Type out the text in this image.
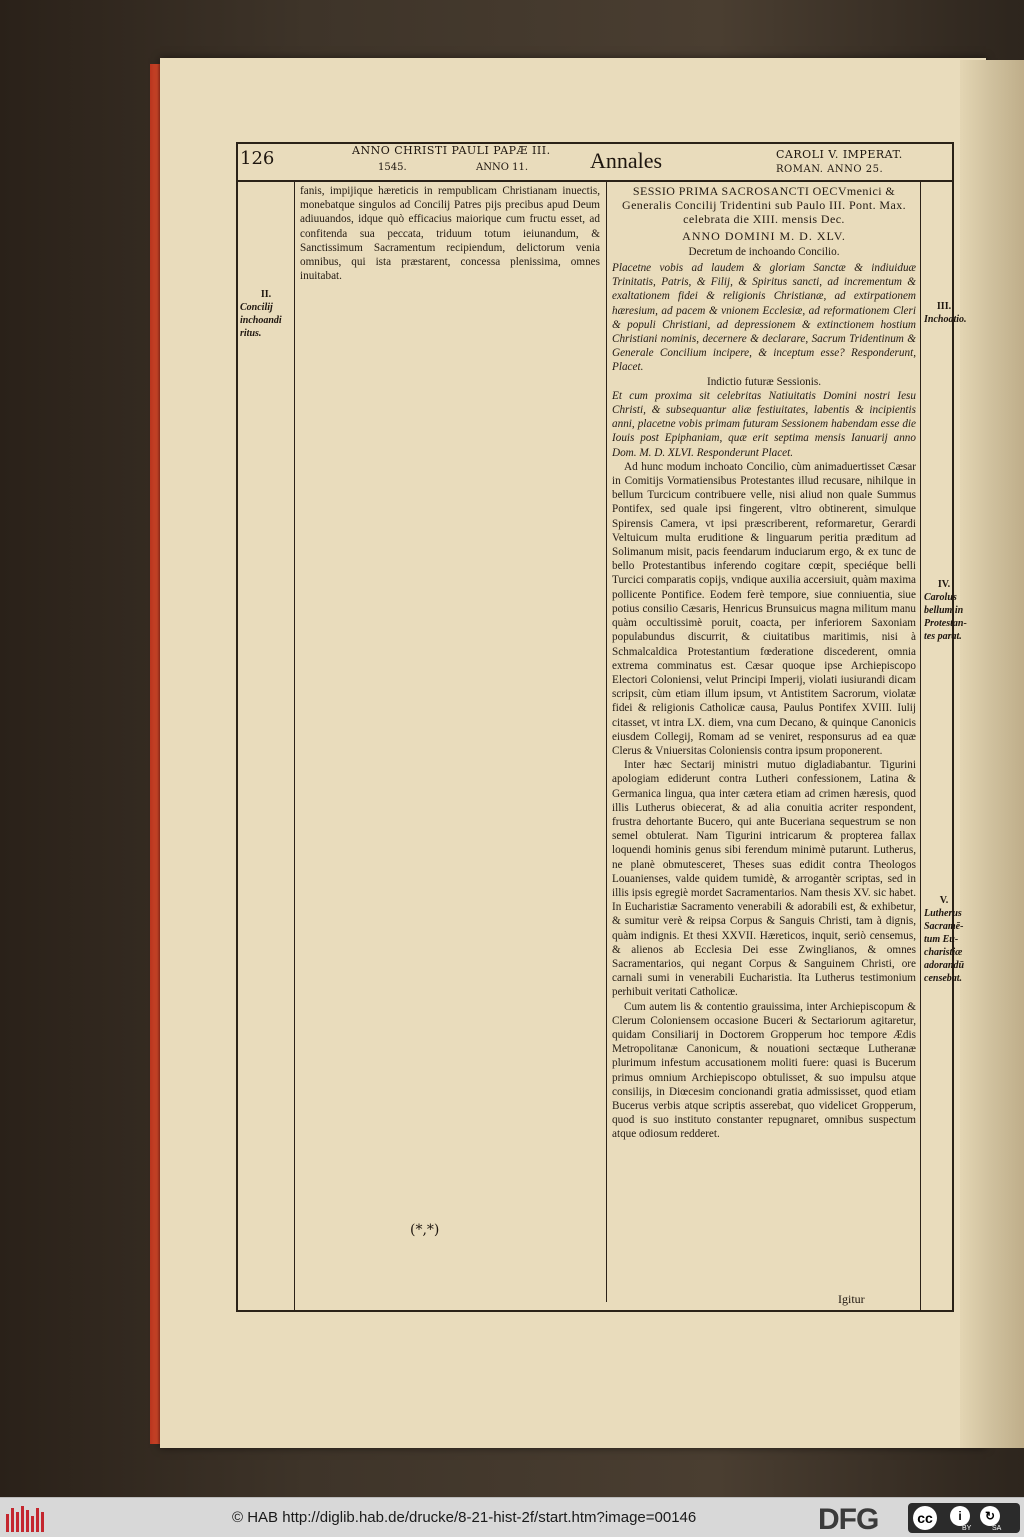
126	ANNO CHRISTI PAULI PAPÆ III.
1545.	ANNO 11.	Annales	CAROLI V. IMPERAT.
ROMAN. ANNO 25.

fanis, impijique hæreticis in rempublicam Christianam inuectis, monebatque singulos ad Concilij Patres pijs precibus apud Deum adiuuandos, idque quò efficacius maiorique cum fructu esset, ad confitenda sua peccata, triduum totum ieiunandum, & Sanctissimum Sacramentum recipiendum, delictorum venia omnibus, qui ista præstarent, concessa plenissima, omnes inuitabat.

(*,*)

SESSIO PRIMA SACROSANCTI OECVmenici & Generalis Concilij Tridentini sub Paulo III. Pont. Max. celebrata die XIII. mensis Dec.

ANNO DOMINI M. D. XLV.

Decretum de inchoando Concilio.

Placetne vobis ad laudem & gloriam Sanctæ & indiuiduæ Trinitatis, Patris, & Filij, & Spiritus sancti, ad incrementum & exaltationem fidei & religionis Christianæ, ad extirpationem hæresium, ad pacem & vnionem Ecclesiæ, ad reformationem Cleri & populi Christiani, ad depressionem & extinctionem hostium Christiani nominis, decernere & declarare, Sacrum Tridentinum & Generale Concilium incipere, & inceptum esse? Responderunt, Placet.

Indictio futuræ Sessionis.

Et cum proxima sit celebritas Natiuitatis Domini nostri Iesu Christi, & subsequantur aliæ festiuitates, labentis & incipientis anni, placetne vobis primam futuram Sessionem habendam esse die Iouis post Epiphaniam, quæ erit septima mensis Ianuarij anno Dom. M. D. XLVI. Responderunt Placet.

Ad hunc modum inchoato Concilio, cùm animaduertisset Cæsar in Comitijs Vormatiensibus Protestantes illud recusare, nihilque in bellum Turcicum contribuere velle, nisi aliud non quale Summus Pontifex, sed quale ipsi fingerent, vltro obtinerent, simulque Spirensis Camera, vt ipsi præscriberent, reformaretur, Gerardi Veltuicum multa eruditione & linguarum peritia præditum ad Solimanum misit, pacis feendarum induciarum ergo, & ex tunc de bello Protestantibus inferendo cogitare cœpit, speciéque belli Turcici comparatis copijs, vndique auxilia accersiuit, quàm maxima pollicente Pontifice. Eodem ferè tempore, siue conniuentia, siue potius consilio Cæsaris, Henricus Brunsuicus magna militum manu quàm occultissimè poruit, coacta, per inferiorem Saxoniam populabundus discurrit, & ciuitatibus maritimis, nisi à Schmalcaldica Protestantium fœderatione discederent, omnia extrema comminatus est. Cæsar quoque ipse Archiepiscopo Electori Coloniensi, velut Principi Imperij, violati iusiurandi dicam scripsit, cùm etiam illum ipsum, vt Antistitem Sacrorum, violatæ fidei & religionis Catholicæ causa, Paulus Pontifex XVIII. Iulij citasset, vt intra LX. diem, vna cum Decano, & quinque Canonicis eiusdem Collegij, Romam ad se veniret, responsurus ad ea quæ Clerus & Vniuersitas Coloniensis contra ipsum proponerent.

Inter hæc Sectarij ministri mutuo digladiabantur. Tigurini apologiam ediderunt contra Lutheri confessionem, Latina & Germanica lingua, qua inter cætera etiam ad crimen hæresis, quod illis Lutherus obiecerat, & ad alia conuitia acriter respondent, frustra dehortante Bucero, qui ante Buceriana sequestrum se non semel obtulerat. Nam Tigurini intricarum & propterea fallax loquendi hominis genus sibi ferendum minimè putarunt. Lutherus, ne planè obmutesceret, Theses suas edidit contra Theologos Louanienses, valde quidem tumidè, & arrogantèr scriptas, sed in illis ipsis egregiè mordet Sacramentarios. Nam thesis XV. sic habet. In Eucharistiæ Sacramento venerabili & adorabili est, & exhibetur, & sumitur verè & reipsa Corpus & Sanguis Christi, tam à dignis, quàm indignis. Et thesi XXVII. Hæreticos, inquit, seriò censemus, & alienos ab Ecclesia Dei esse Zwinglianos, & omnes Sacramentarios, qui negant Corpus & Sanguinem Christi, ore carnali sumi in venerabili Eucharistia. Ita Lutherus testimonium perhibuit veritati Catholicæ.

Cum autem lis & contentio grauissima, inter Archiepiscopum & Clerum Coloniensem occasione Buceri & Sectariorum agitaretur, quidam Consiliarij in Doctorem Gropperum hoc tempore Ædis Metropolitanæ Canonicum, & nouationi sectæque Lutheranæ plurimum infestum accusationem moliti fuere: quasi is Bucerum primus omnium Archiepiscopo obtulisset, & suo impulsu atque consilijs, in Diœcesim concionandi gratia admississet, quod etiam Bucerus verbis atque scriptis asserebat, quo videlicet Gropperum, quod is suo instituto constanter repugnaret, omnibus suspectum atque odiosum redderet.

II.
Concilij
inchoandi
ritus.
III.
Inchoatio.
IV.
Carolus
bellum in
Protestan-
tes parat.
V.
Lutherus
Sacramē-
tum Eu-
charistiæ
adorandū
censebat.
Igitur
© HAB http://diglib.hab.de/drucke/8-21-hist-2f/start.htm?image=00146	DFG	cc	i	↻
BY	SA
